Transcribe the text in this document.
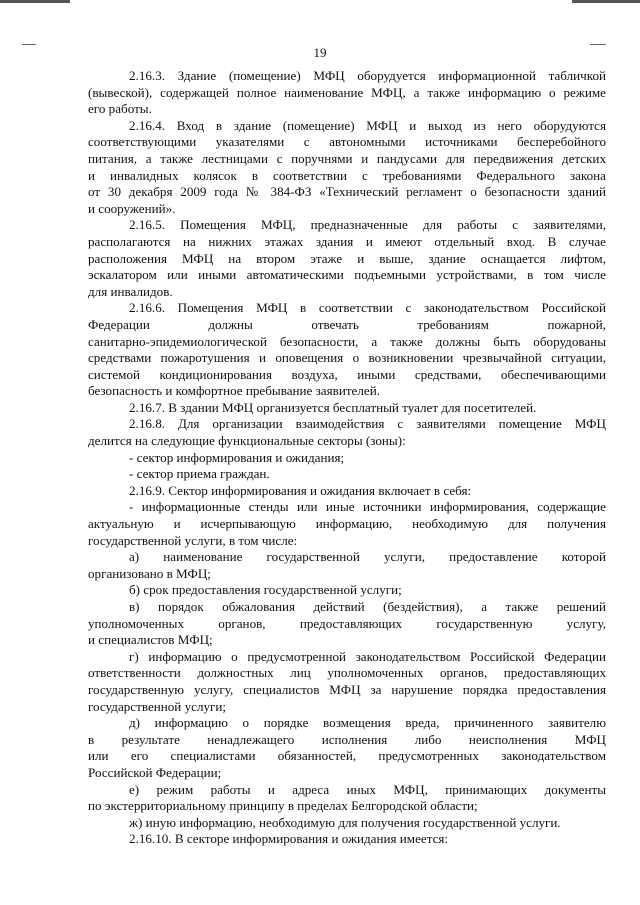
19
2.16.3. Здание (помещение) МФЦ оборудуется информационной табличкой
(вывеской), содержащей полное наименование МФЦ, а также информацию о режиме
его работы.
2.16.4. Вход в здание (помещение) МФЦ и выход из него оборудуются
соответствующими указателями с автономными источниками бесперебойного
питания, а также лестницами с поручнями и пандусами для передвижения детских
и инвалидных колясок в соответствии с требованиями Федерального закона
от 30 декабря 2009 года № 384-ФЗ «Технический регламент о безопасности зданий
и сооружений».
2.16.5. Помещения МФЦ, предназначенные для работы с заявителями,
располагаются на нижних этажах здания и имеют отдельный вход. В случае
расположения МФЦ на втором этаже и выше, здание оснащается лифтом,
эскалатором или иными автоматическими подъемными устройствами, в том числе
для инвалидов.
2.16.6. Помещения МФЦ в соответствии с законодательством Российской
Федерации должны отвечать требованиям пожарной,
санитарно-эпидемиологической безопасности, а также должны быть оборудованы
средствами пожаротушения и оповещения о возникновении чрезвычайной ситуации,
системой кондиционирования воздуха, иными средствами, обеспечивающими
безопасность и комфортное пребывание заявителей.
2.16.7. В здании МФЦ организуется бесплатный туалет для посетителей.
2.16.8. Для организации взаимодействия с заявителями помещение МФЦ
делится на следующие функциональные секторы (зоны):
- сектор информирования и ожидания;
- сектор приема граждан.
2.16.9. Сектор информирования и ожидания включает в себя:
- информационные стенды или иные источники информирования, содержащие
актуальную и исчерпывающую информацию, необходимую для получения
государственной услуги, в том числе:
а) наименование государственной услуги, предоставление которой
организовано в МФЦ;
б) срок предоставления государственной услуги;
в) порядок обжалования действий (бездействия), а также решений
уполномоченных органов, предоставляющих государственную услугу,
и специалистов МФЦ;
г) информацию о предусмотренной законодательством Российской Федерации
ответственности должностных лиц уполномоченных органов, предоставляющих
государственную услугу, специалистов МФЦ за нарушение порядка предоставления
государственной услуги;
д) информацию о порядке возмещения вреда, причиненного заявителю
в результате ненадлежащего исполнения либо неисполнения МФЦ
или его специалистами обязанностей, предусмотренных законодательством
Российской Федерации;
е) режим работы и адреса иных МФЦ, принимающих документы
по экстерриториальному принципу в пределах Белгородской области;
ж) иную информацию, необходимую для получения государственной услуги.
2.16.10. В секторе информирования и ожидания имеется:
